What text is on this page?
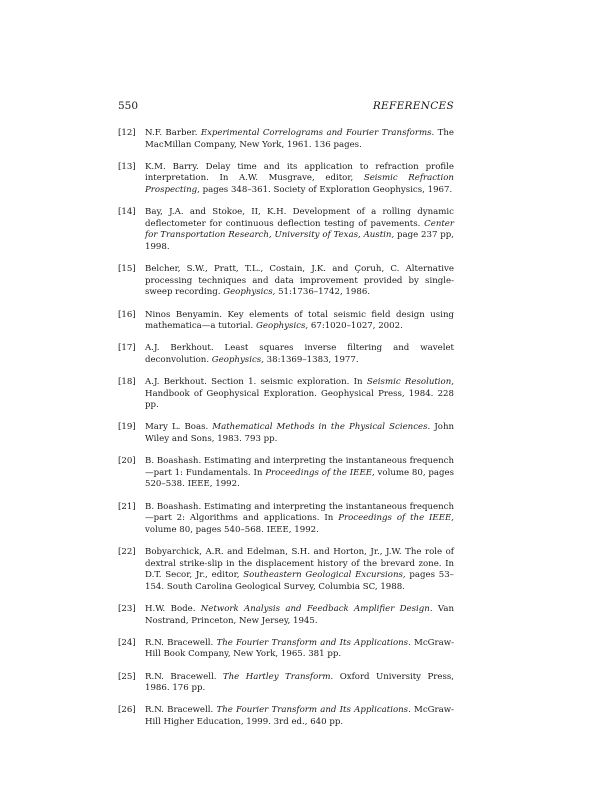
550	REFERENCES
[12]	N.F. Barber. Experimental Correlograms and Fourier Transforms. The MacMillan Company, New York, 1961. 136 pages.
[13]	K.M. Barry. Delay time and its application to refraction profile interpretation. In A.W. Musgrave, editor, Seismic Refraction Prospecting, pages 348–361. Society of Exploration Geophysics, 1967.
[14]	Bay, J.A. and Stokoe, II, K.H. Development of a rolling dynamic deflectometer for continuous deflection testing of pavements. Center for Transportation Research, University of Texas, Austin, page 237 pp, 1998.
[15]	Belcher, S.W., Pratt, T.L., Costain, J.K. and Çoruh, C. Alternative processing techniques and data improvement provided by single-sweep recording. Geophysics, 51:1736–1742, 1986.
[16]	Ninos Benyamin. Key elements of total seismic field design using mathematica—a tutorial. Geophysics, 67:1020–1027, 2002.
[17]	A.J. Berkhout. Least squares inverse filtering and wavelet deconvolution. Geophysics, 38:1369–1383, 1977.
[18]	A.J. Berkhout. Section 1. seismic exploration. In Seismic Resolution, Handbook of Geophysical Exploration. Geophysical Press, 1984. 228 pp.
[19]	Mary L. Boas. Mathematical Methods in the Physical Sciences. John Wiley and Sons, 1983. 793 pp.
[20]	B. Boashash. Estimating and interpreting the instantaneous frequench—part 1: Fundamentals. In Proceedings of the IEEE, volume 80, pages 520–538. IEEE, 1992.
[21]	B. Boashash. Estimating and interpreting the instantaneous frequench—part 2: Algorithms and applications. In Proceedings of the IEEE, volume 80, pages 540–568. IEEE, 1992.
[22]	Bobyarchick, A.R. and Edelman, S.H. and Horton, Jr., J.W. The role of dextral strike-slip in the displacement history of the brevard zone. In D.T. Secor, Jr., editor, Southeastern Geological Excursions, pages 53–154. South Carolina Geological Survey, Columbia SC, 1988.
[23]	H.W. Bode. Network Analysis and Feedback Amplifier Design. Van Nostrand, Princeton, New Jersey, 1945.
[24]	R.N. Bracewell. The Fourier Transform and Its Applications. McGraw-Hill Book Company, New York, 1965. 381 pp.
[25]	R.N. Bracewell. The Hartley Transform. Oxford University Press, 1986. 176 pp.
[26]	R.N. Bracewell. The Fourier Transform and Its Applications. McGraw-Hill Higher Education, 1999. 3rd ed., 640 pp.
